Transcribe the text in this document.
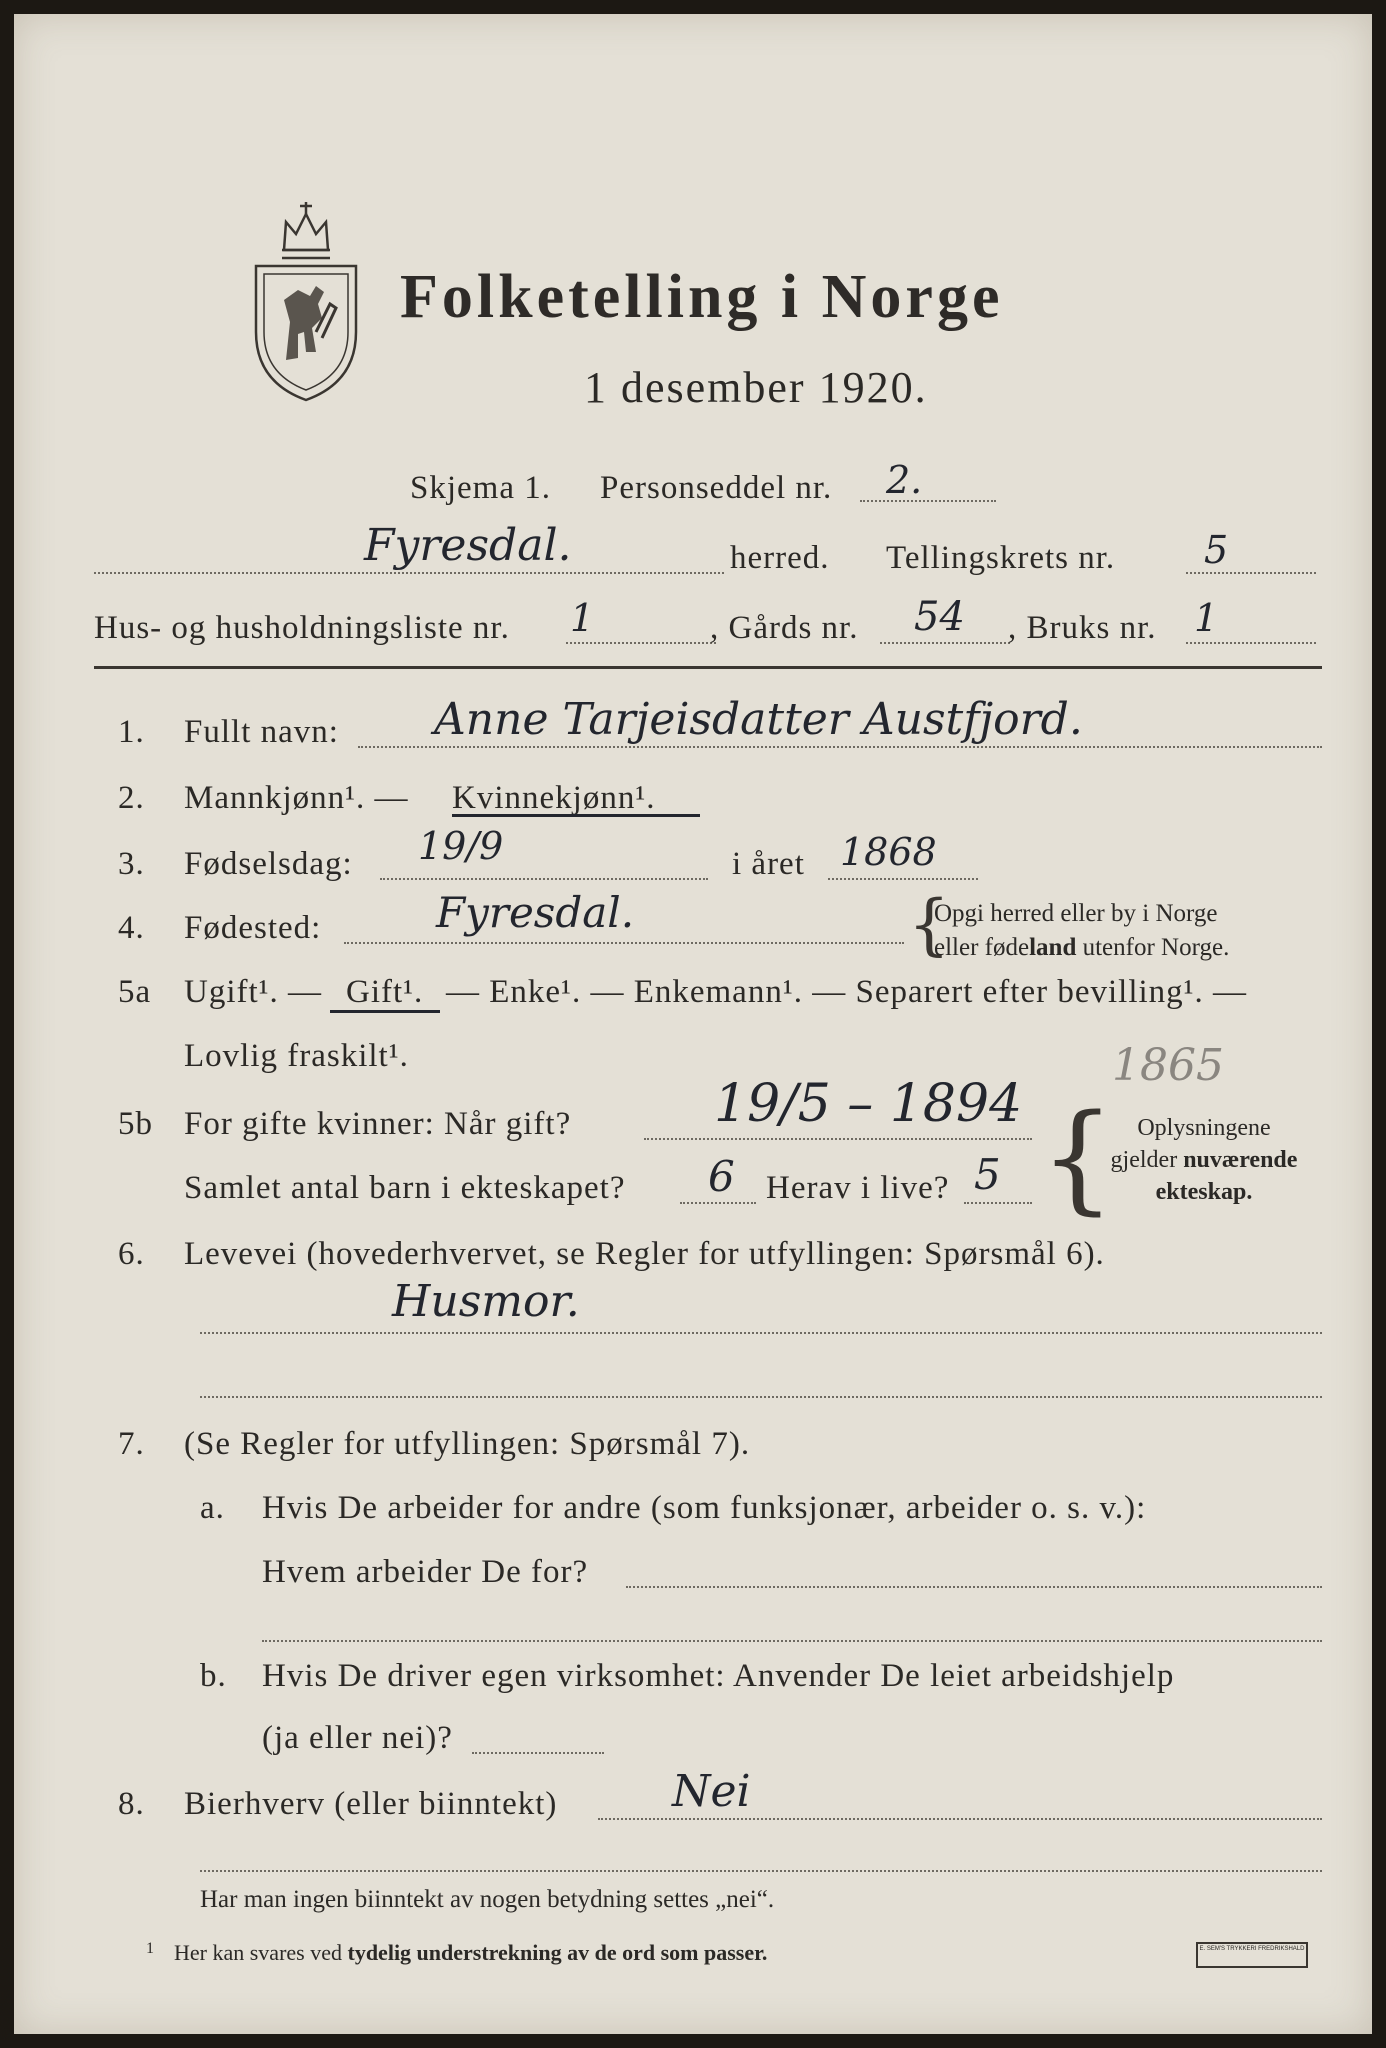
Folketelling i Norge
1 desember 1920.
Skjema 1. Personseddel nr. 2.
Fyresdal.	herred. Tellingskrets nr. 5
Hus- og husholdningsliste nr. 1	, Gårds nr. 54 , Bruks nr. 1
1. Fullt navn: Anne Tarjeisdatter Austfjord.
2. Mannkjønn¹. — Kvinnekjønn¹.
3. Fødselsdag: 19/9	i året 1868
4. Fødested:	Fyresdal.	{
Opgi herred eller by i Norge
eller fødeland utenfor Norge.
5a Ugift¹. — Gift¹. — Enke¹. — Enkemann¹. — Separert efter bevilling¹. —
Lovlig fraskilt¹.
5b For gifte kvinner: Når gift?	19/5 – 1894
1865
Samlet antal barn i ekteskapet? 6 Herav i live? 5 { Oplysningene
gjelder nuværende
ekteskap.
6. Levevei (hovederhvervet, se Regler for utfyllingen: Spørsmål 6).
Husmor.
7. (Se Regler for utfyllingen: Spørsmål 7).
a. Hvis De arbeider for andre (som funksjonær, arbeider o. s. v.):
Hvem arbeider De for?
b. Hvis De driver egen virksomhet: Anvender De leiet arbeidshjelp
(ja eller nei)?
8. Bierhverv (eller biinntekt)	Nei
Har man ingen biinntekt av nogen betydning settes „nei“.
1 Her kan svares ved tydelig understrekning av de ord som passer.	E. SEM'S TRYKKERI FREDRIKSHALD
